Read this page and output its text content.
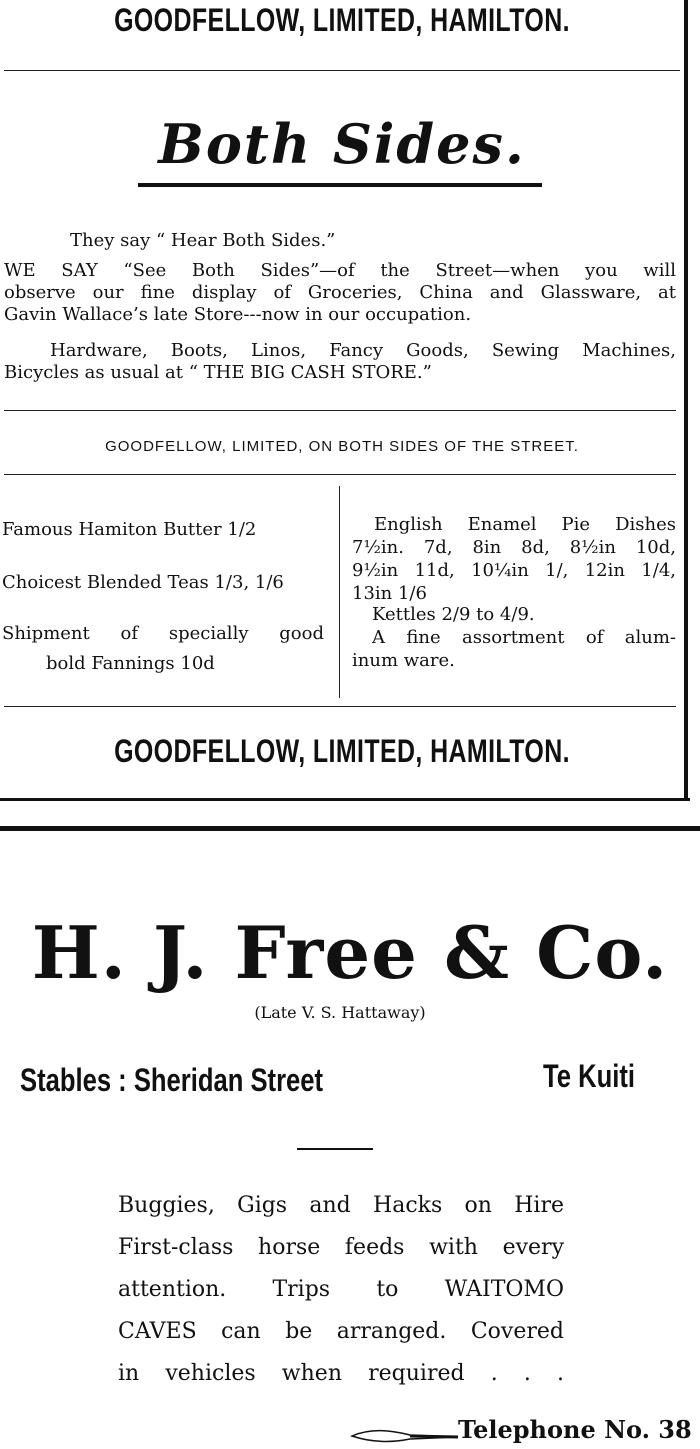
GOODFELLOW, LIMITED, HAMILTON.
Both Sides.
They say “ Hear Both Sides.”
WE SAY “See Both Sides”—of the Street—when you will
observe our fine display of Groceries, China and Glassware, at
Gavin Wallace’s late Store---now in our occupation.
Hardware, Boots, Linos, Fancy Goods, Sewing Machines,
Bicycles as usual at “ THE BIG CASH STORE.”
GOODFELLOW, LIMITED, ON BOTH SIDES OF THE STREET.
Famous Hamiton Butter 1/2
Choicest Blended Teas 1/3, 1/6
Shipment of specially good
bold Fannings 10d
English Enamel Pie Dishes
7½in. 7d, 8in 8d, 8½in 10d,
9½in 11d, 10¼in 1/, 12in 1/4,
13in 1/6
Kettles 2/9 to 4/9.
A fine assortment of alum-
inum ware.
GOODFELLOW, LIMITED, HAMILTON.
H. J. Free & Co.
(Late V. S. Hattaway)
Stables : Sheridan Street	Te Kuiti
Buggies, Gigs and Hacks on Hire
First-class horse feeds with every
attention. Trips to WAITOMO
CAVES can be arranged. Covered
in vehicles when required . . .
Telephone No. 38
